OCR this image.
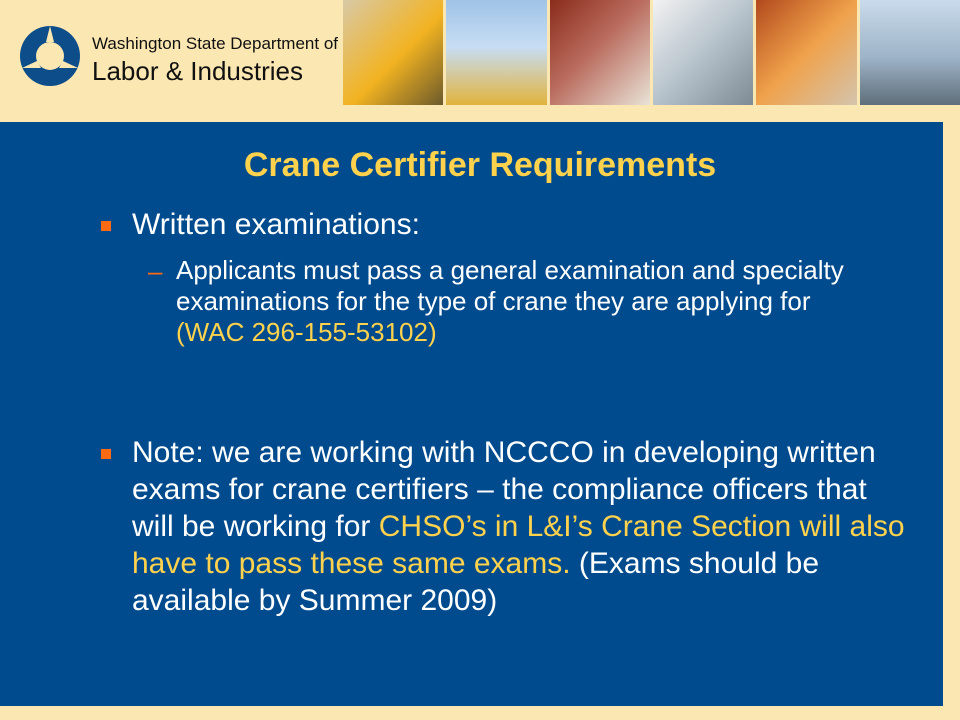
Washington State Department of
Labor & Industries
Crane Certifier Requirements
Written examinations:
– Applicants must pass a general examination and specialty examinations for the type of crane they are applying for (WAC 296-155-53102)
Note: we are working with NCCCO in developing written exams for crane certifiers – the compliance officers that will be working for CHSO’s in L&I’s Crane Section will also have to pass these same exams. (Exams should be available by Summer 2009)
